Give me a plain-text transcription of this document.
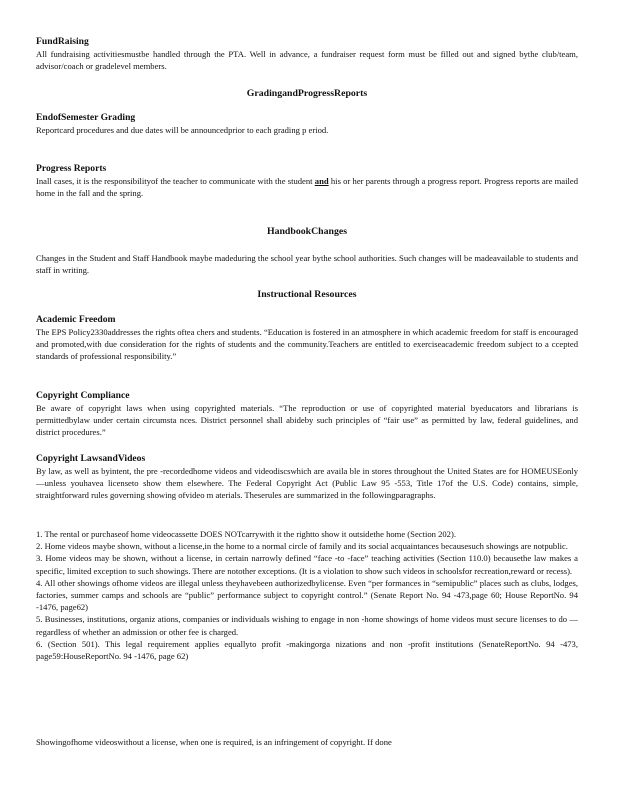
FundRaising

All fundraising activitiesmustbe handled through the PTA. Well in advance, a fundraiser request form must be filled out and signed bythe club/team, advisor/coach or gradelevel members.

GradingandProgressReports
EndofSemester Grading

Reportcard procedures and due dates will be announcedprior to each grading p eriod.

Progress Reports

Inall cases, it is the responsibilityof the teacher to communicate with the student and his or her parents through a progress report. Progress reports are mailed home in the fall and the spring.

HandbookChanges

Changes in the Student and Staff Handbook maybe madeduring the school year bythe school authorities. Such changes will be madeavailable to students and staff in writing.

Instructional Resources
Academic Freedom

The EPS Policy2330addresses the rights oftea chers and students. “Education is fostered in an atmosphere in which academic freedom for staff is encouraged and promoted,with due consideration for the rights of students and the community.Teachers are entitled to exerciseacademic freedom subject to a ccepted standards of professional responsibility.”

Copyright Compliance

Be aware of copyright laws when using copyrighted materials. “The reproduction or use of copyrighted material byeducators and librarians is permittedbylaw under certain circumsta nces. District personnel shall abideby such principles of “fair use” as permitted by law, federal guidelines, and district procedures.”

Copyright LawsandVideos

By law, as well as byintent, the pre -recordedhome videos and videodiscswhich are availa ble in stores throughout the United States are for HOMEUSEonly —unless youhavea licenseto show them elsewhere. The Federal Copyright Act (Public Law 95 -553, Title 17of the U.S. Code) contains, simple, straightforward rules governing showing ofvideo m aterials. Theserules are summarized in the followingparagraphs.

1. The rental or purchaseof home videocassette DOES NOTcarrywith it the rightto show it outsidethe home (Section 202).

2. Home videos maybe shown, without a license,in the home to a normal circle of family and its social acquaintances becausesuch showings are notpublic.

3. Home videos may be shown, without a license, in certain narrowly defined “face -to -face” teaching activities (Section 110.0) becausethe law makes a specific, limited exception to such showings. There are notother exceptions. (It is a violation to show such videos in schoolsfor recreation,reward or recess).

4. All other showings ofhome videos are illegal unless theyhavebeen authorizedbylicense. Even “per formances in “semipublic” places such as clubs, lodges, factories, summer camps and schools are “public” performance subject to copyright control.” (Senate Report No. 94 -473,page 60; House ReportNo. 94 -1476, page62)

5. Businesses, institutions, organiz ations, companies or individuals wishing to engage in non -home showings of home videos must secure licenses to do —regardless of whether an admission or other fee is charged.

6. (Section 501). This legal requirement applies equallyto profit -makingorga nizations and non -profit institutions (SenateReportNo. 94 -473, page59:HouseReportNo. 94 -1476, page 62)

Showingofhome videoswithout a license, when one is required, is an infringement of copyright. If done
